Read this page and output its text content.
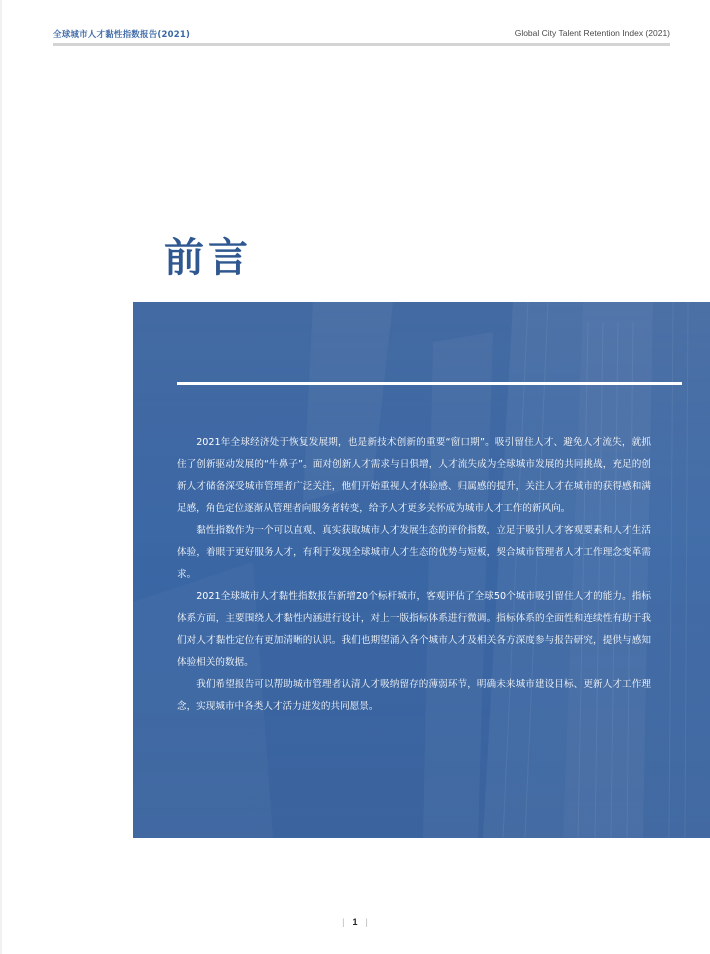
全球城市人才黏性指数报告(2021)	Global City Talent Retention Index (2021)
前言

2021年全球经济处于恢复发展期，也是新技术创新的重要“窗口期”。吸引留住人才、避免人才流失，就抓住了创新驱动发展的“牛鼻子”。面对创新人才需求与日俱增，人才流失成为全球城市发展的共同挑战，充足的创新人才储备深受城市管理者广泛关注，他们开始重视人才体验感、归属感的提升，关注人才在城市的获得感和满足感，角色定位逐渐从管理者向服务者转变，给予人才更多关怀成为城市人才工作的新风向。

黏性指数作为一个可以直观、真实获取城市人才发展生态的评价指数，立足于吸引人才客观要素和人才生活体验，着眼于更好服务人才，有利于发现全球城市人才生态的优势与短板，契合城市管理者人才工作理念变革需求。

2021全球城市人才黏性指数报告新增20个标杆城市，客观评估了全球50个城市吸引留住人才的能力。指标体系方面，主要围绕人才黏性内涵进行设计，对上一版指标体系进行微调。指标体系的全面性和连续性有助于我们对人才黏性定位有更加清晰的认识。我们也期望涌入各个城市人才及相关各方深度参与报告研究，提供与感知体验相关的数据。

我们希望报告可以帮助城市管理者认清人才吸纳留存的薄弱环节，明确未来城市建设目标、更新人才工作理念，实现城市中各类人才活力迸发的共同愿景。

| 1 |
